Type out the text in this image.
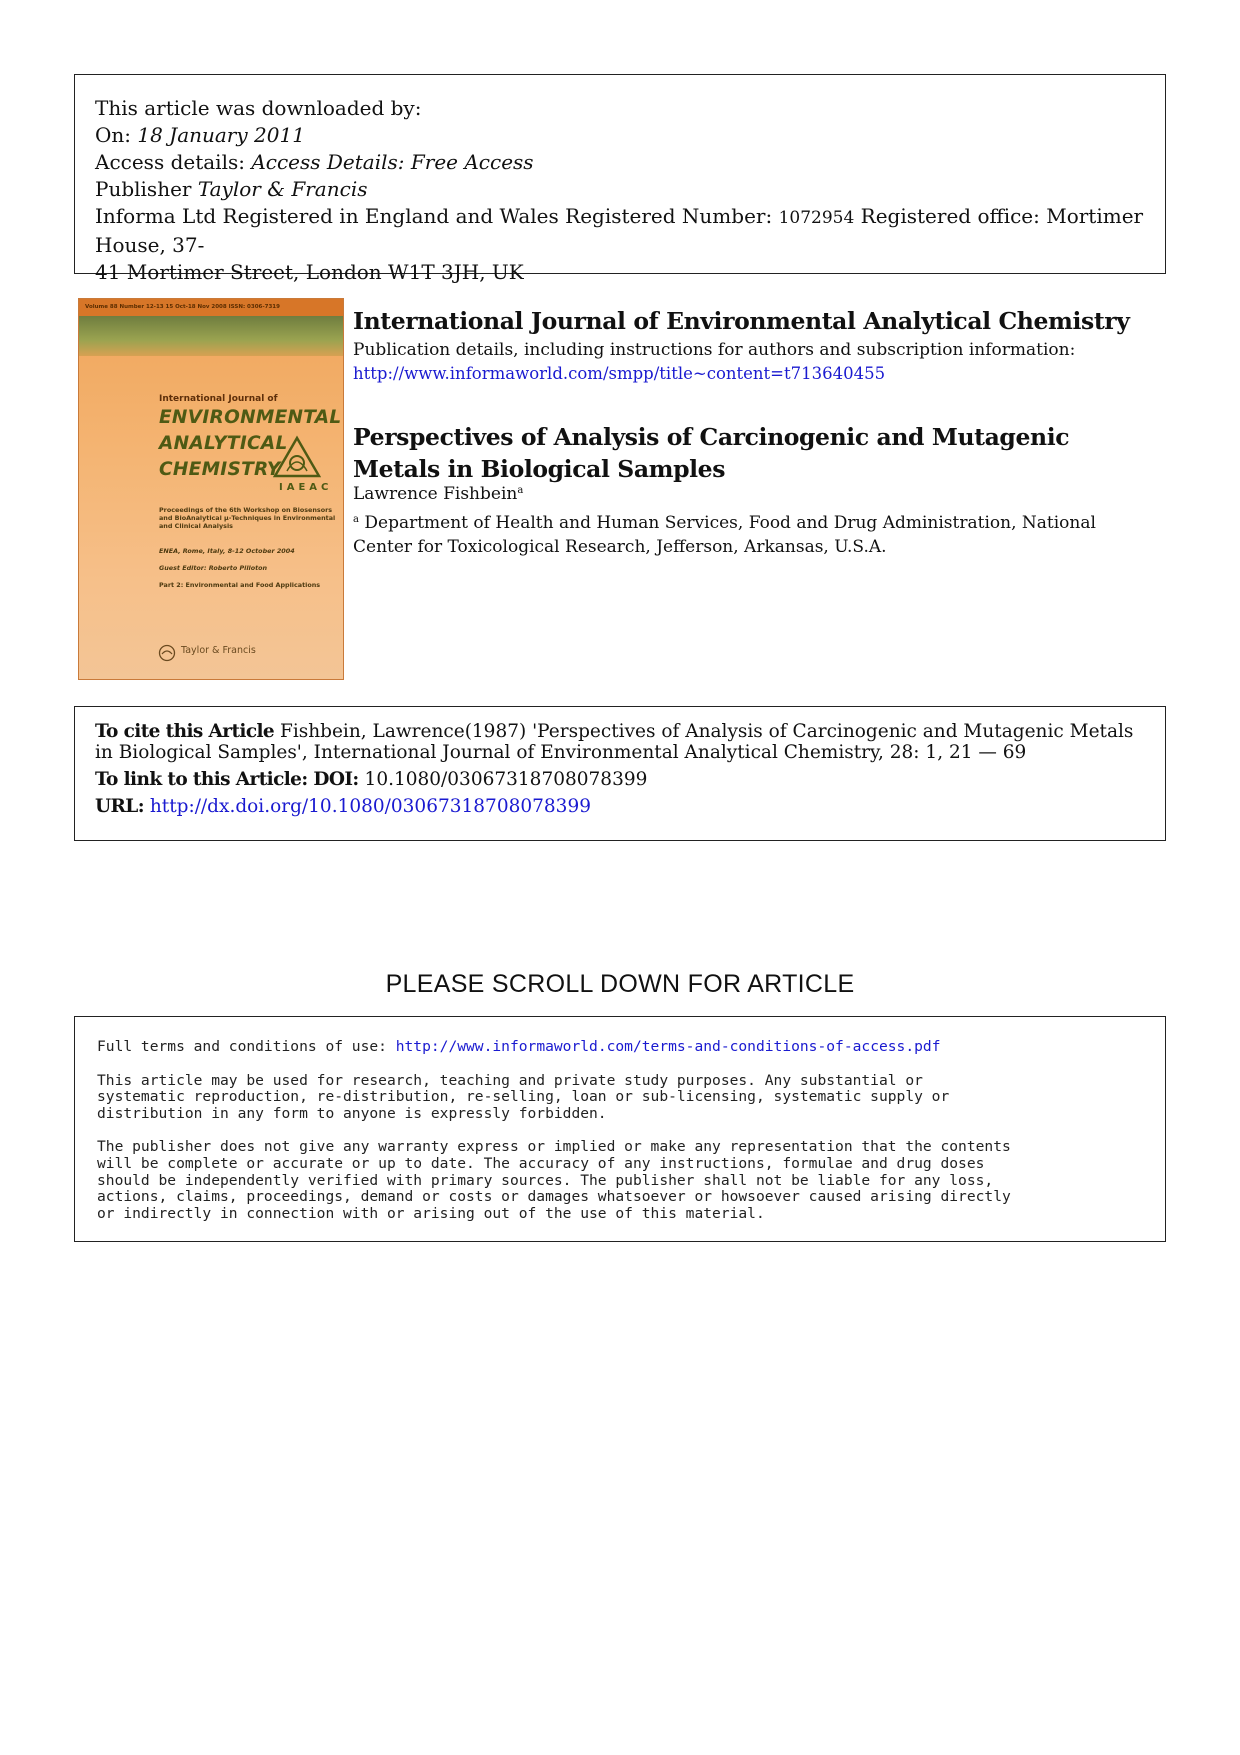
This article was downloaded by:
On: 18 January 2011
Access details: Access Details: Free Access
Publisher Taylor & Francis
Informa Ltd Registered in England and Wales Registered Number: 1072954 Registered office: Mortimer House, 37-
41 Mortimer Street, London W1T 3JH, UK
Volume 88 Number 12-13 15 Oct-18 Nov 2008 ISSN: 0306-7319
International Journal of
ENVIRONMENTAL
ANALYTICAL
CHEMISTRY
IAEAC
Proceedings of the 6th Workshop on Biosensors and BioAnalytical μ-Techniques in Environmental and Clinical Analysis
ENEA, Rome, Italy, 8-12 October 2004
Guest Editor: Roberto Pilloton
Part 2: Environmental and Food Applications
Taylor & Francis
International Journal of Environmental Analytical Chemistry
Publication details, including instructions for authors and subscription information:
http://www.informaworld.com/smpp/title~content=t713640455
Perspectives of Analysis of Carcinogenic and Mutagenic Metals in Biological Samples
Lawrence Fishbein$^a$
$^a$ Department of Health and Human Services, Food and Drug Administration, National Center for Toxicological Research, Jefferson, Arkansas, U.S.A.
To cite this Article Fishbein, Lawrence(1987) 'Perspectives of Analysis of Carcinogenic and Mutagenic Metals in Biological Samples', International Journal of Environmental Analytical Chemistry, 28: 1, 21 — 69
To link to this Article: DOI: 10.1080/03067318708078399
URL: http://dx.doi.org/10.1080/03067318708078399
PLEASE SCROLL DOWN FOR ARTICLE

Full terms and conditions of use: http://www.informaworld.com/terms-and-conditions-of-access.pdf

This article may be used for research, teaching and private study purposes. Any substantial or
systematic reproduction, re-distribution, re-selling, loan or sub-licensing, systematic supply or
distribution in any form to anyone is expressly forbidden.

The publisher does not give any warranty express or implied or make any representation that the contents
will be complete or accurate or up to date. The accuracy of any instructions, formulae and drug doses
should be independently verified with primary sources. The publisher shall not be liable for any loss,
actions, claims, proceedings, demand or costs or damages whatsoever or howsoever caused arising directly
or indirectly in connection with or arising out of the use of this material.
